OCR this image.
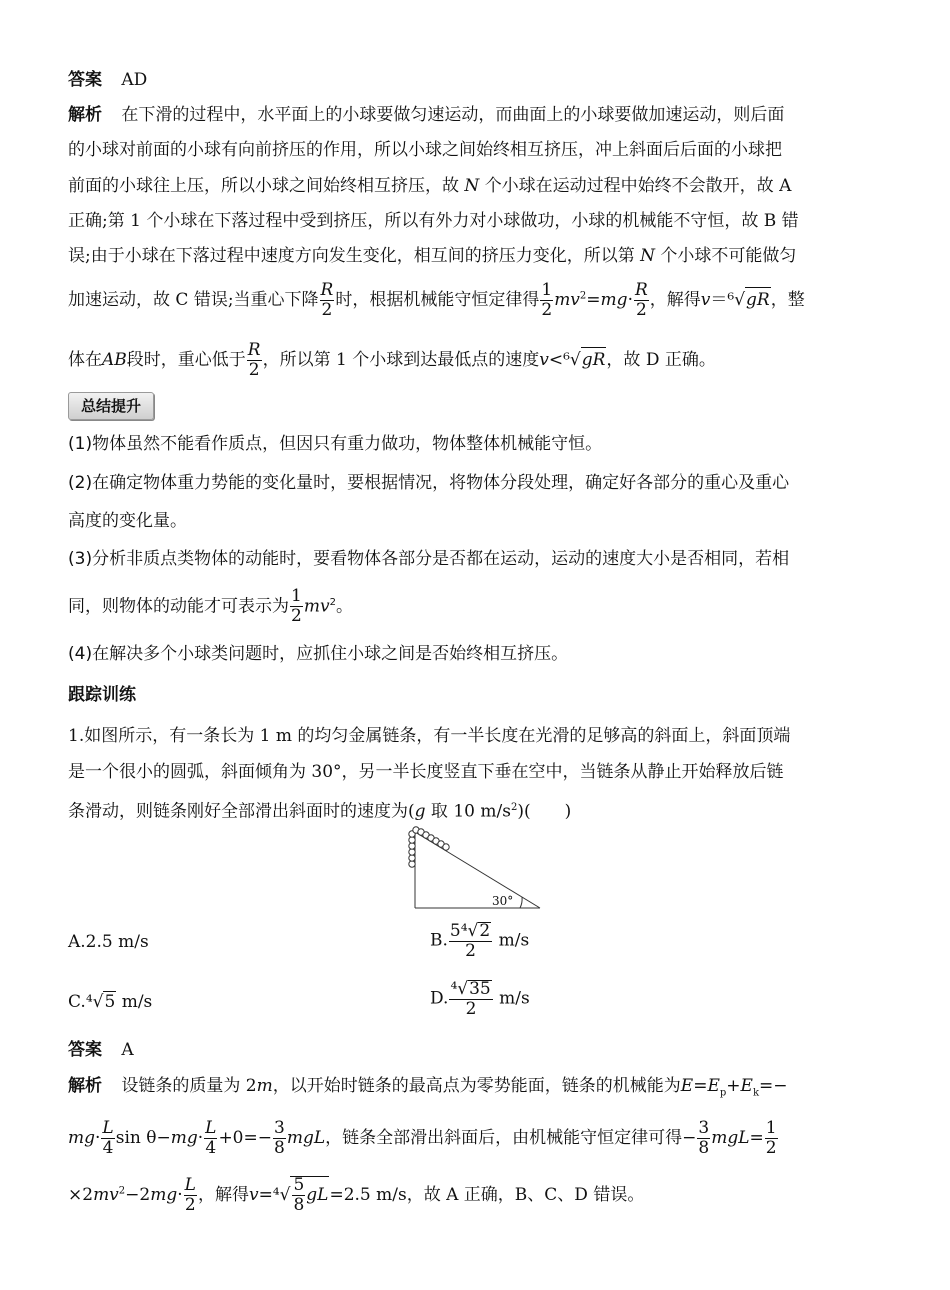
答案 AD
解析 在下滑的过程中，水平面上的小球要做匀速运动，而曲面上的小球要做加速运动，则后面
的小球对前面的小球有向前挤压的作用，所以小球之间始终相互挤压，冲上斜面后后面的小球把
前面的小球往上压，所以小球之间始终相互挤压，故 N 个小球在运动过程中始终不会散开，故 A
正确;第 1 个小球在下落过程中受到挤压，所以有外力对小球做功，小球的机械能不守恒，故 B 错
误;由于小球在下落过程中速度方向发生变化，相互间的挤压力变化，所以第 N 个小球不可能做匀
加速运动，故 C 错误;当重心下降 $\frac{R}{2}$ 时，根据机械能守恒定律得 $\frac{1}{2} mv^2=mg\cdot \frac{R}{2}$ ，解得v＝⁶√gR，整
体在AB段时，重心低于 $\frac{R}{2}$ ，所以第 1 个小球到达最低点的速度v<⁶√gR，故 D 正确。
总结提升
(1)物体虽然不能看作质点，但因只有重力做功，物体整体机械能守恒。
(2)在确定物体重力势能的变化量时，要根据情况，将物体分段处理，确定好各部分的重心及重心
高度的变化量。
(3)分析非质点类物体的动能时，要看物体各部分是否都在运动，运动的速度大小是否相同，若相
同，则物体的动能才可表示为 $\frac{1}{2} mv^2$。
(4)在解决多个小球类问题时，应抓住小球之间是否始终相互挤压。
跟踪训练
1.如图所示，有一条长为 1 m 的均匀金属链条，有一半长度在光滑的足够高的斜面上，斜面顶端
是一个很小的圆弧，斜面倾角为 30°，另一半长度竖直下垂在空中，当链条从静止开始释放后链
条滑动，则链条刚好全部滑出斜面时的速度为(g 取 10 $m/s^2$)(　　)
30°
A.2.5 m/s	B. $\frac{\text{5⁴√2}}{2} m/s$
C.⁴√5 m/s	D. $\frac{\text{⁴√35}}{2} m/s$
答案 A
解析 设链条的质量为 2m，以开始时链条的最高点为零势能面，链条的机械能为$E=E_p+E_k=-$
$mg\cdot \frac{L}{4}$ $\sin \theta-mg\cdot \frac{L}{4} +0=- \frac{3}{8}$ mgL，链条全部滑出斜面后，由机械能守恒定律可得− $\frac{3}{8} mgL= \frac{1}{2}$
$\times 2mv^2-2mg\cdot \frac{L}{2}$ ，解得$v=^4√ \frac{5}{8} gL=2.5$ m/s，故 A 正确，B、C、D 错误。
